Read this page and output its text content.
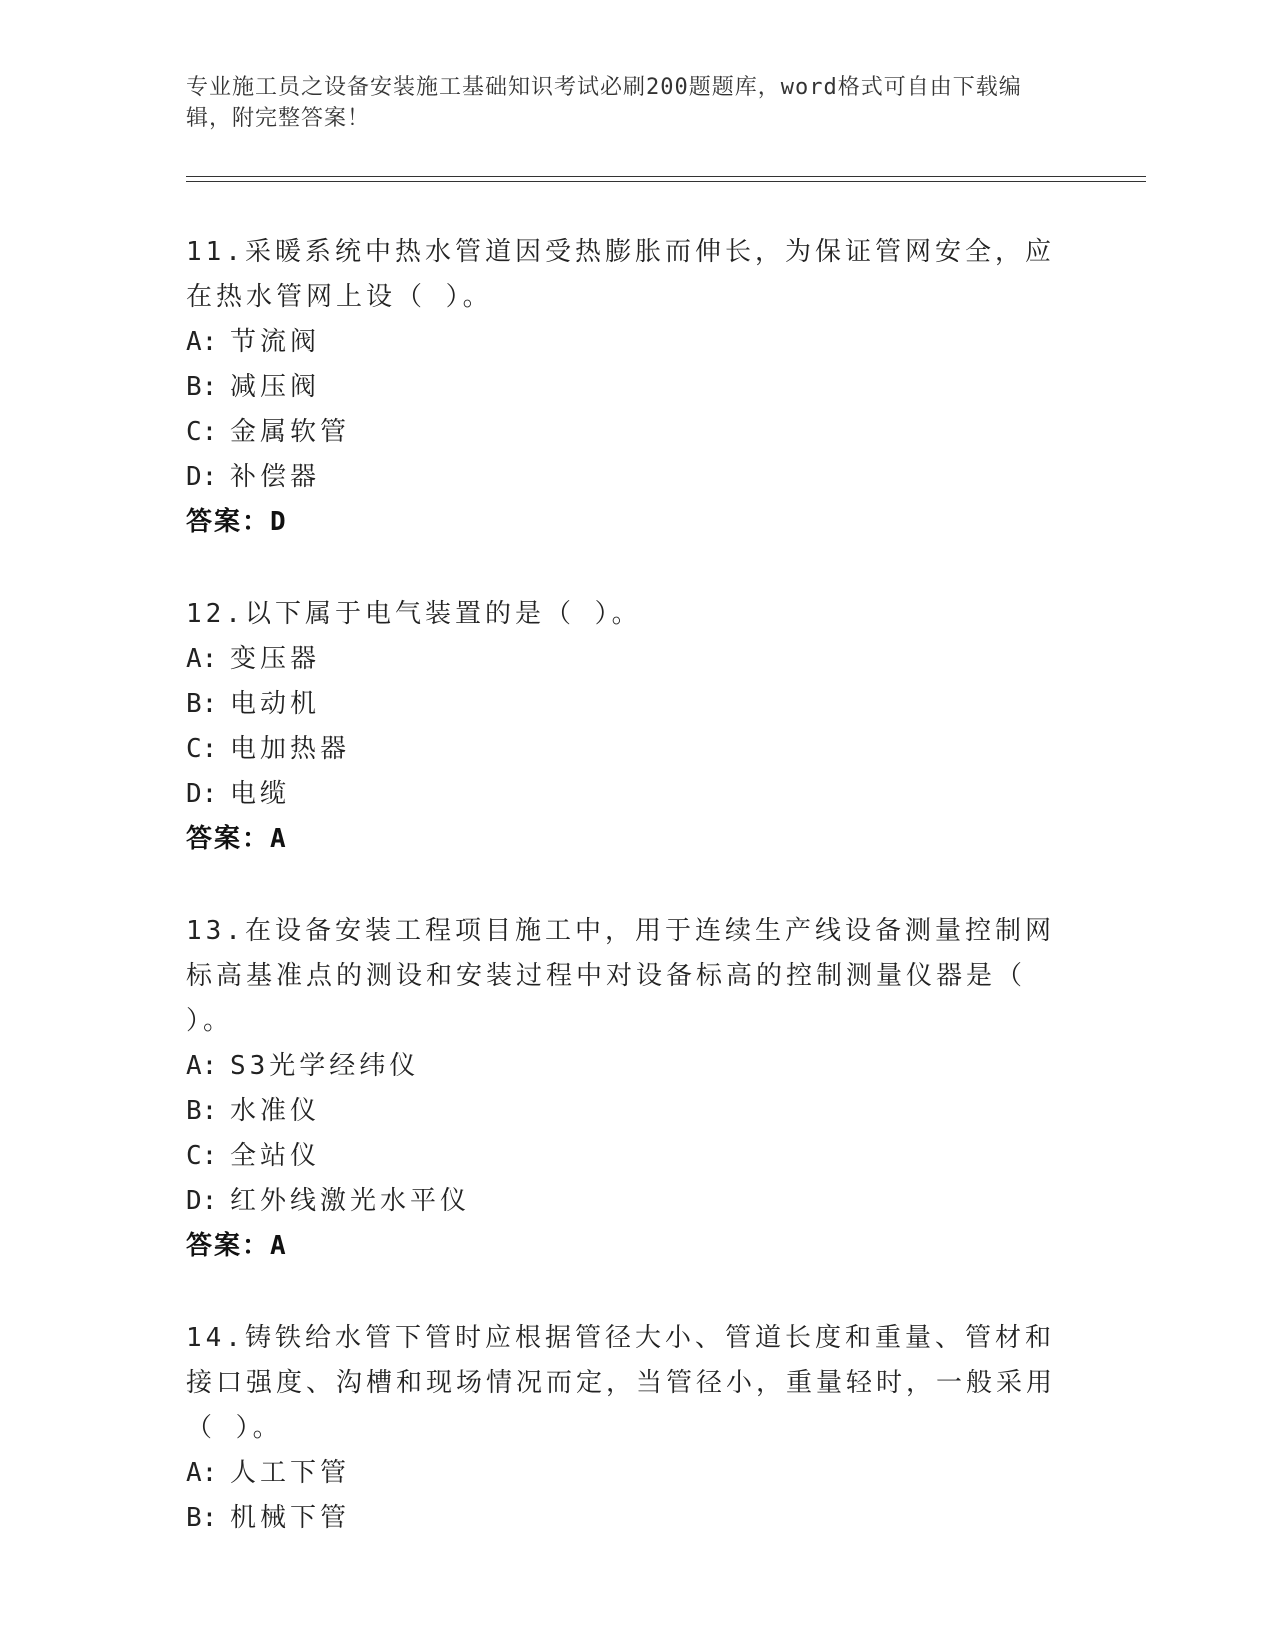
专业施工员之设备安装施工基础知识考试必刷200题题库，word格式可自由下载编辑，附完整答案！
11.采暖系统中热水管道因受热膨胀而伸长，为保证管网安全，应在热水管网上设（ ）。
A: 节流阀
B: 减压阀
C: 金属软管
D: 补偿器
答案：D
12.以下属于电气装置的是（ ）。
A: 变压器
B: 电动机
C: 电加热器
D: 电缆
答案：A
13.在设备安装工程项目施工中，用于连续生产线设备测量控制网标高基准点的测设和安装过程中对设备标高的控制测量仪器是（ ）。
A: S3光学经纬仪
B: 水准仪
C: 全站仪
D: 红外线激光水平仪
答案：A
14.铸铁给水管下管时应根据管径大小、管道长度和重量、管材和接口强度、沟槽和现场情况而定，当管径小，重量轻时，一般采用（ ）。
A: 人工下管
B: 机械下管
